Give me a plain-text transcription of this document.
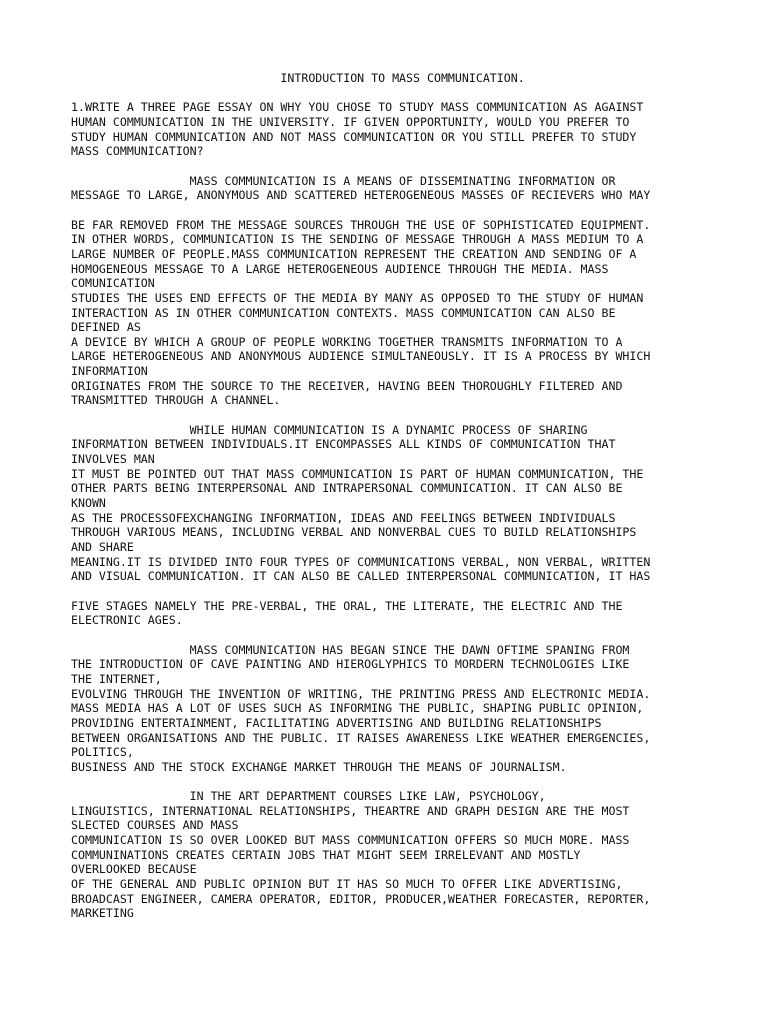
INTRODUCTION TO MASS COMMUNICATION.

1.WRITE A THREE PAGE ESSAY ON WHY YOU CHOSE TO STUDY MASS COMMUNICATION AS AGAINST
HUMAN COMMUNICATION IN THE UNIVERSITY. IF GIVEN OPPORTUNITY, WOULD YOU PREFER TO
STUDY HUMAN COMMUNICATION AND NOT MASS COMMUNICATION OR YOU STILL PREFER TO STUDY
MASS COMMUNICATION?

MASS COMMUNICATION IS A MEANS OF DISSEMINATING INFORMATION OR
MESSAGE TO LARGE, ANONYMOUS AND SCATTERED HETEROGENEOUS MASSES OF RECIEVERS WHO MAY

BE FAR REMOVED FROM THE MESSAGE SOURCES THROUGH THE USE OF SOPHISTICATED EQUIPMENT.
IN OTHER WORDS, COMMUNICATION IS THE SENDING OF MESSAGE THROUGH A MASS MEDIUM TO A
LARGE NUMBER OF PEOPLE.MASS COMMUNICATION REPRESENT THE CREATION AND SENDING OF A
HOMOGENEOUS MESSAGE TO A LARGE HETEROGENEOUS AUDIENCE THROUGH THE MEDIA. MASS
COMUNICATION
STUDIES THE USES END EFFECTS OF THE MEDIA BY MANY AS OPPOSED TO THE STUDY OF HUMAN
INTERACTION AS IN OTHER COMMUNICATION CONTEXTS. MASS COMMUNICATION CAN ALSO BE
DEFINED AS
A DEVICE BY WHICH A GROUP OF PEOPLE WORKING TOGETHER TRANSMITS INFORMATION TO A
LARGE HETEROGENEOUS AND ANONYMOUS AUDIENCE SIMULTANEOUSLY. IT IS A PROCESS BY WHICH
INFORMATION
ORIGINATES FROM THE SOURCE TO THE RECEIVER, HAVING BEEN THOROUGHLY FILTERED AND
TRANSMITTED THROUGH A CHANNEL.

WHILE HUMAN COMMUNICATION IS A DYNAMIC PROCESS OF SHARING
INFORMATION BETWEEN INDIVIDUALS.IT ENCOMPASSES ALL KINDS OF COMMUNICATION THAT
INVOLVES MAN
IT MUST BE POINTED OUT THAT MASS COMMUNICATION IS PART OF HUMAN COMMUNICATION, THE
OTHER PARTS BEING INTERPERSONAL AND INTRAPERSONAL COMMUNICATION. IT CAN ALSO BE
KNOWN
AS THE PROCESSOFEXCHANGING INFORMATION, IDEAS AND FEELINGS BETWEEN INDIVIDUALS
THROUGH VARIOUS MEANS, INCLUDING VERBAL AND NONVERBAL CUES TO BUILD RELATIONSHIPS
AND SHARE
MEANING.IT IS DIVIDED INTO FOUR TYPES OF COMMUNICATIONS VERBAL, NON VERBAL, WRITTEN
AND VISUAL COMMUNICATION. IT CAN ALSO BE CALLED INTERPERSONAL COMMUNICATION, IT HAS

FIVE STAGES NAMELY THE PRE-VERBAL, THE ORAL, THE LITERATE, THE ELECTRIC AND THE
ELECTRONIC AGES.

MASS COMMUNICATION HAS BEGAN SINCE THE DAWN OFTIME SPANING FROM
THE INTRODUCTION OF CAVE PAINTING AND HIEROGLYPHICS TO MORDERN TECHNOLOGIES LIKE
THE INTERNET,
EVOLVING THROUGH THE INVENTION OF WRITING, THE PRINTING PRESS AND ELECTRONIC MEDIA.
MASS MEDIA HAS A LOT OF USES SUCH AS INFORMING THE PUBLIC, SHAPING PUBLIC OPINION,
PROVIDING ENTERTAINMENT, FACILITATING ADVERTISING AND BUILDING RELATIONSHIPS
BETWEEN ORGANISATIONS AND THE PUBLIC. IT RAISES AWARENESS LIKE WEATHER EMERGENCIES,
POLITICS,
BUSINESS AND THE STOCK EXCHANGE MARKET THROUGH THE MEANS OF JOURNALISM.

IN THE ART DEPARTMENT COURSES LIKE LAW, PSYCHOLOGY,
LINGUISTICS, INTERNATIONAL RELATIONSHIPS, THEARTRE AND GRAPH DESIGN ARE THE MOST
SLECTED COURSES AND MASS
COMMUNICATION IS SO OVER LOOKED BUT MASS COMMUNICATION OFFERS SO MUCH MORE. MASS
COMMUNINATIONS CREATES CERTAIN JOBS THAT MIGHT SEEM IRRELEVANT AND MOSTLY
OVERLOOKED BECAUSE
OF THE GENERAL AND PUBLIC OPINION BUT IT HAS SO MUCH TO OFFER LIKE ADVERTISING,
BROADCAST ENGINEER, CAMERA OPERATOR, EDITOR, PRODUCER,WEATHER FORECASTER, REPORTER,
MARKETING
